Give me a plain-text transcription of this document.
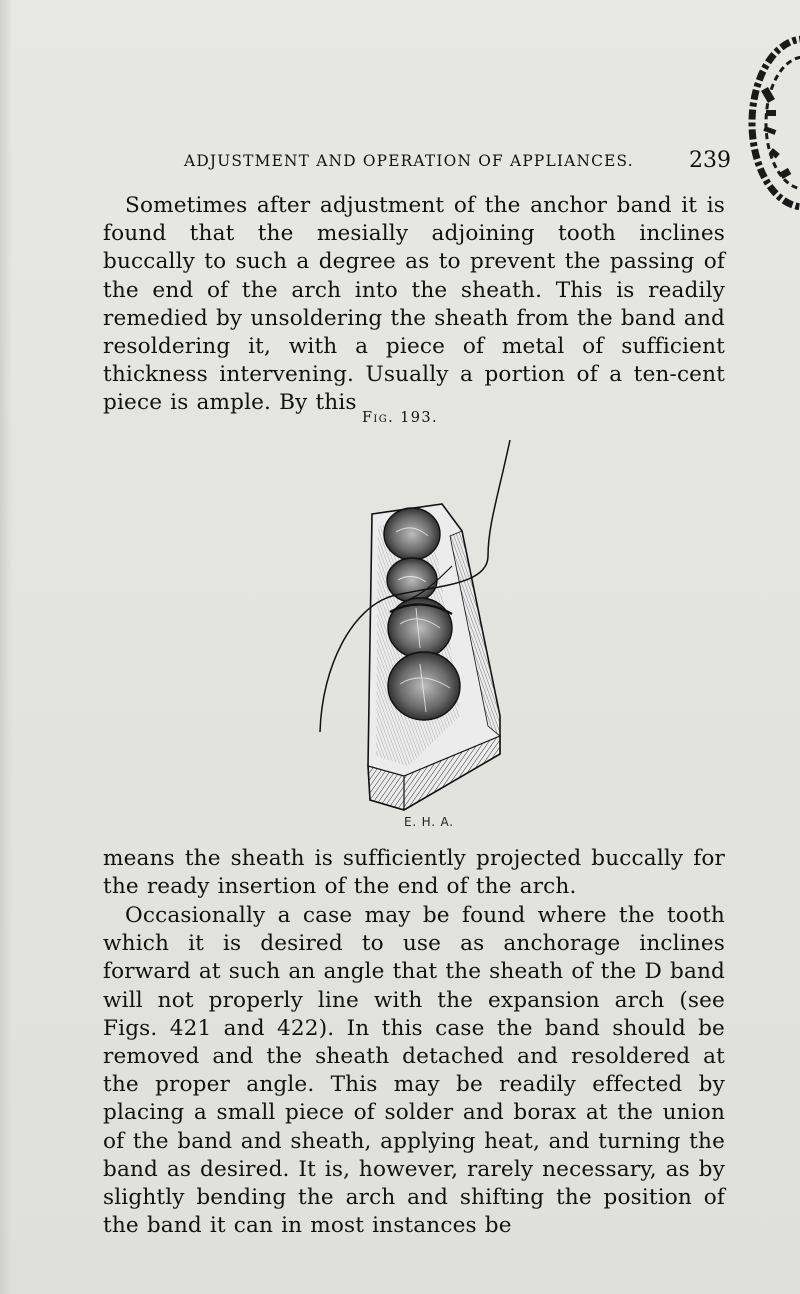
ADJUSTMENT AND OPERATION OF APPLIANCES.	239

Sometimes after adjustment of the anchor band it is found that the mesially adjoining tooth inclines buccally to such a degree as to prevent the passing of the end of the arch into the sheath. This is readily remedied by unsoldering the sheath from the band and resoldering it, with a piece of metal of sufficient thickness intervening. Usually a portion of a ten-cent piece is ample. By this

Fig. 193.
E. H. A.

means the sheath is sufficiently projected buccally for the ready insertion of the end of the arch.

Occasionally a case may be found where the tooth which it is desired to use as anchorage inclines forward at such an angle that the sheath of the D band will not properly line with the expansion arch (see Figs. 421 and 422). In this case the band should be removed and the sheath detached and resoldered at the proper angle. This may be readily effected by placing a small piece of solder and borax at the union of the band and sheath, applying heat, and turning the band as desired. It is, however, rarely necessary, as by slightly bending the arch and shifting the position of the band it can in most instances be
